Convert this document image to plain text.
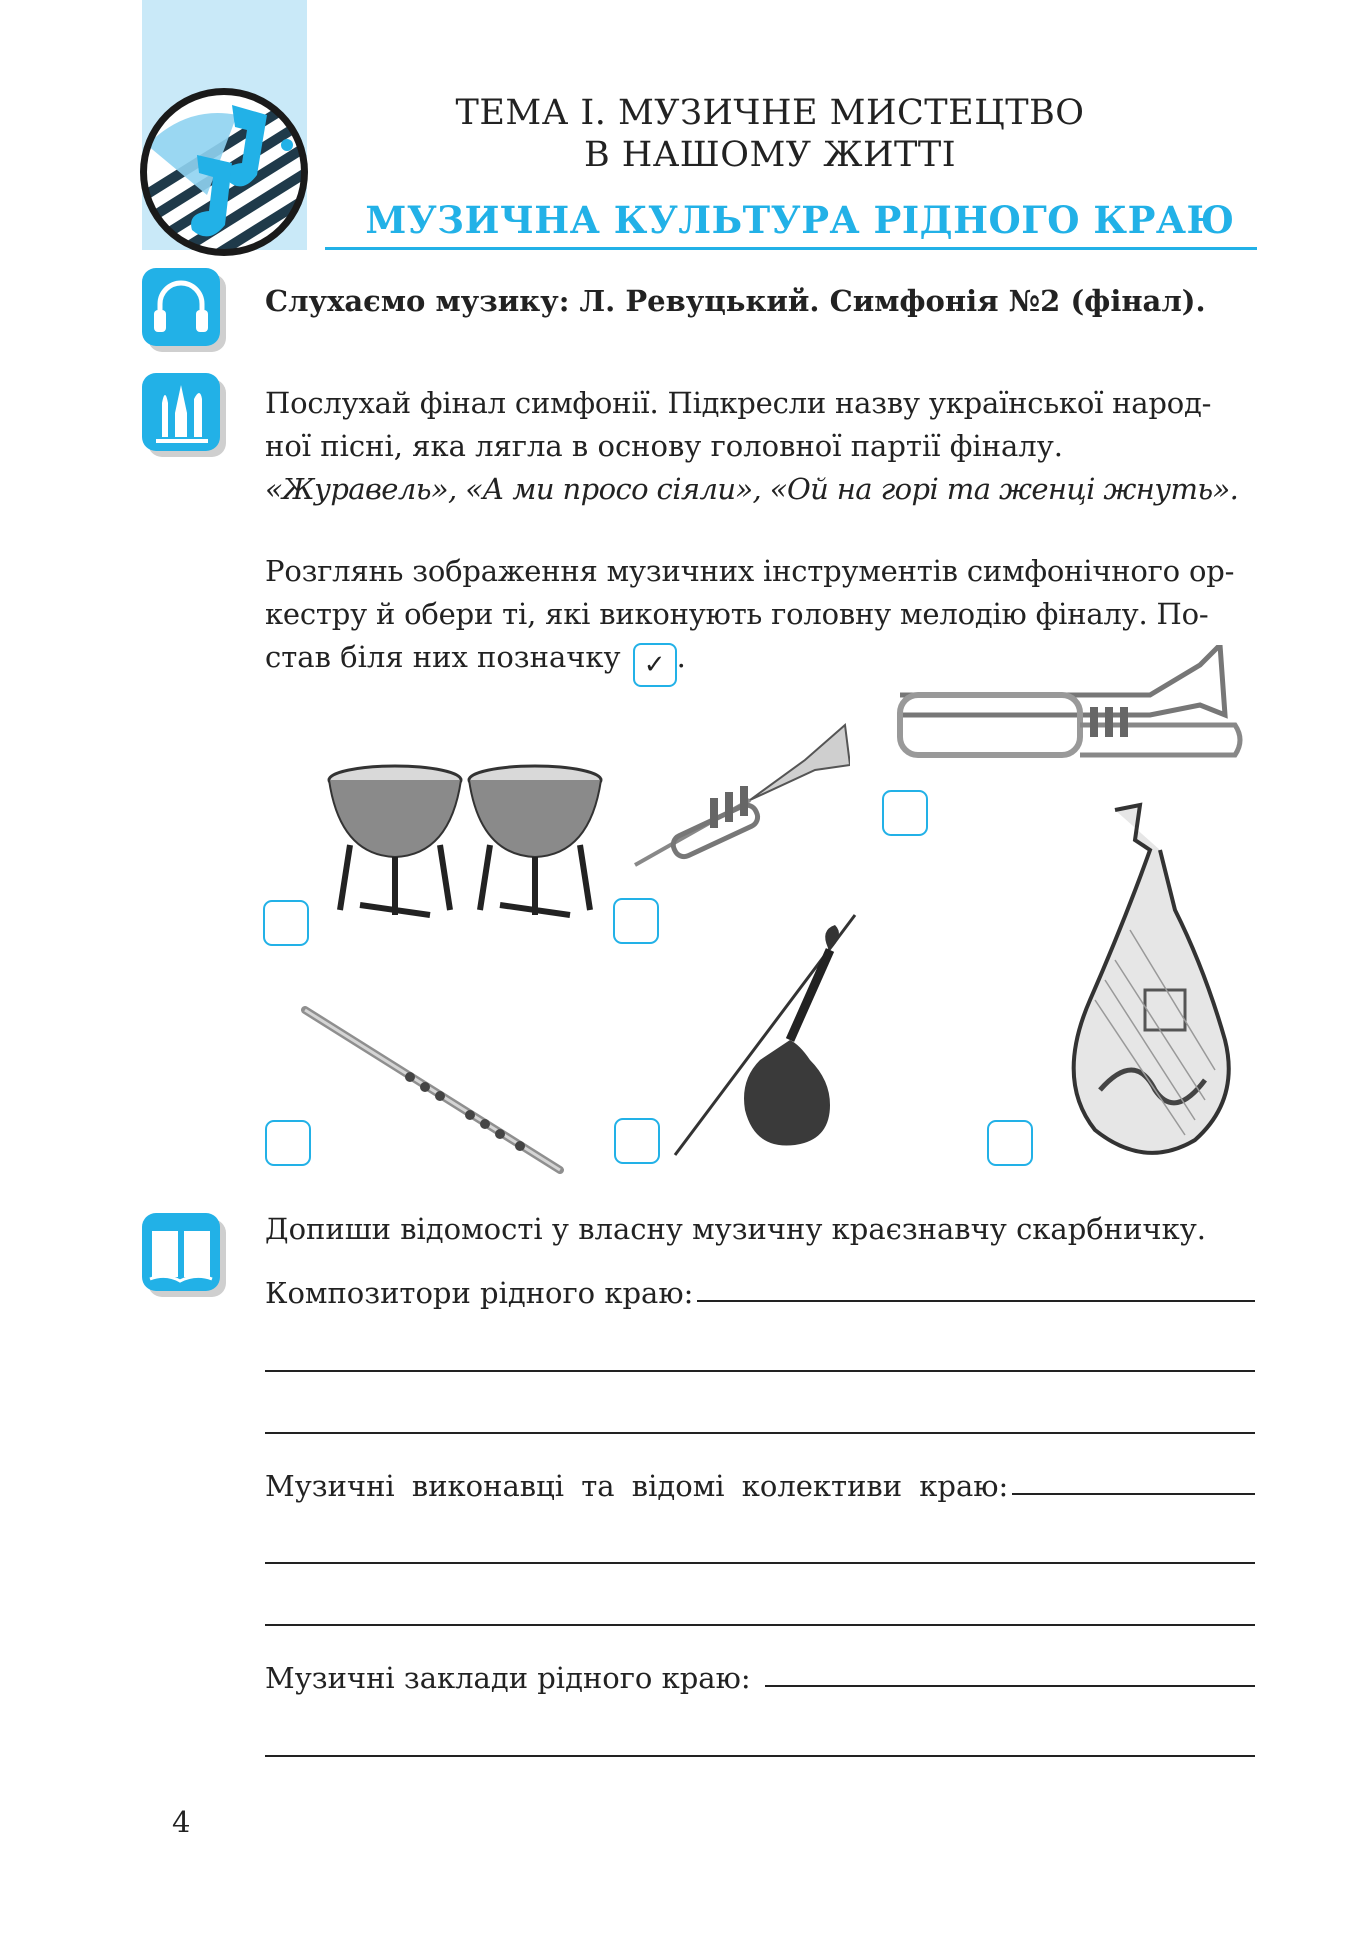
ТЕМА І. МУЗИЧНЕ МИСТЕЦТВО
В НАШОМУ ЖИТТІ
МУЗИЧНА КУЛЬТУРА РІДНОГО КРАЮ
Слухаємо музику: Л. Ревуцький. Симфонія №2 (фінал).
Послухай фінал симфонії. Підкресли назву української народ-
ної пісні, яка лягла в основу головної партії фіналу.
«Журавель», «А ми просо сіяли», «Ой на горі та женці жнуть».
Розглянь зображення музичних інструментів симфонічного ор-
кестру й обери ті, які виконують головну мелодію фіналу. По-
став біля них позначку ✓ .
Допиши відомості у власну музичну краєзнавчу скарбничку.
Композитори рідного краю:
Музичні виконавці та відомі колективи краю:
Музичні заклади рідного краю:
4
